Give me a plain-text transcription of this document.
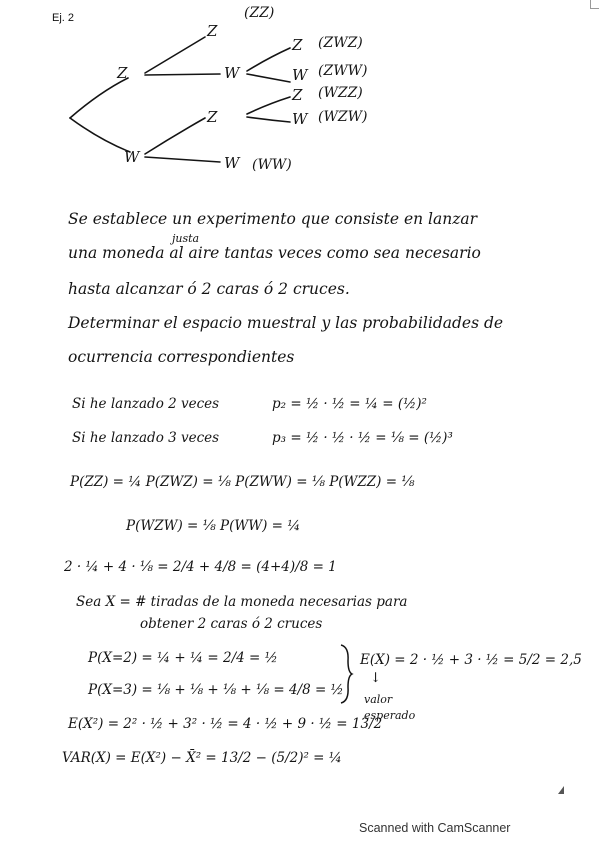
Ej. 2	(ZZ)
Z
Z	W
Z (ZWZ)
W (ZWW)
Z
Z (WZZ)
W (WZW)
W	W (WW)
Se establece un experimento que consiste en lanzar
justa
una moneda al aire tantas veces como sea necesario
hasta alcanzar ó 2 caras ó 2 cruces.
Determinar el espacio muestral y las probabilidades de
ocurrencia correspondientes
Si he lanzado 2 veces	p₂ = ½ · ½ = ¼ = (½)²
Si he lanzado 3 veces	p₃ = ½ · ½ · ½ = ⅛ = (½)³
P(ZZ) = ¼ P(ZWZ) = ⅛ P(ZWW) = ⅛ P(WZZ) = ⅛
P(WZW) = ⅛ P(WW) = ¼
2 · ¼ + 4 · ⅛ = 2/4 + 4/8 = (4+4)/8 = 1
Sea X = # tiradas de la moneda necesarias para
obtener 2 caras ó 2 cruces
P(X=2) = ¼ + ¼ = 2/4 = ½
P(X=3) = ⅛ + ⅛ + ⅛ + ⅛ = 4/8 = ½
E(X) = 2 · ½ + 3 · ½ = 5/2 = 2,5
↓
valor
esperado
E(X²) = 2² · ½ + 3² · ½ = 4 · ½ + 9 · ½ = 13/2
VAR(X) = E(X²) − X̄² = 13/2 − (5/2)² = ¼
Scanned with CamScanner
